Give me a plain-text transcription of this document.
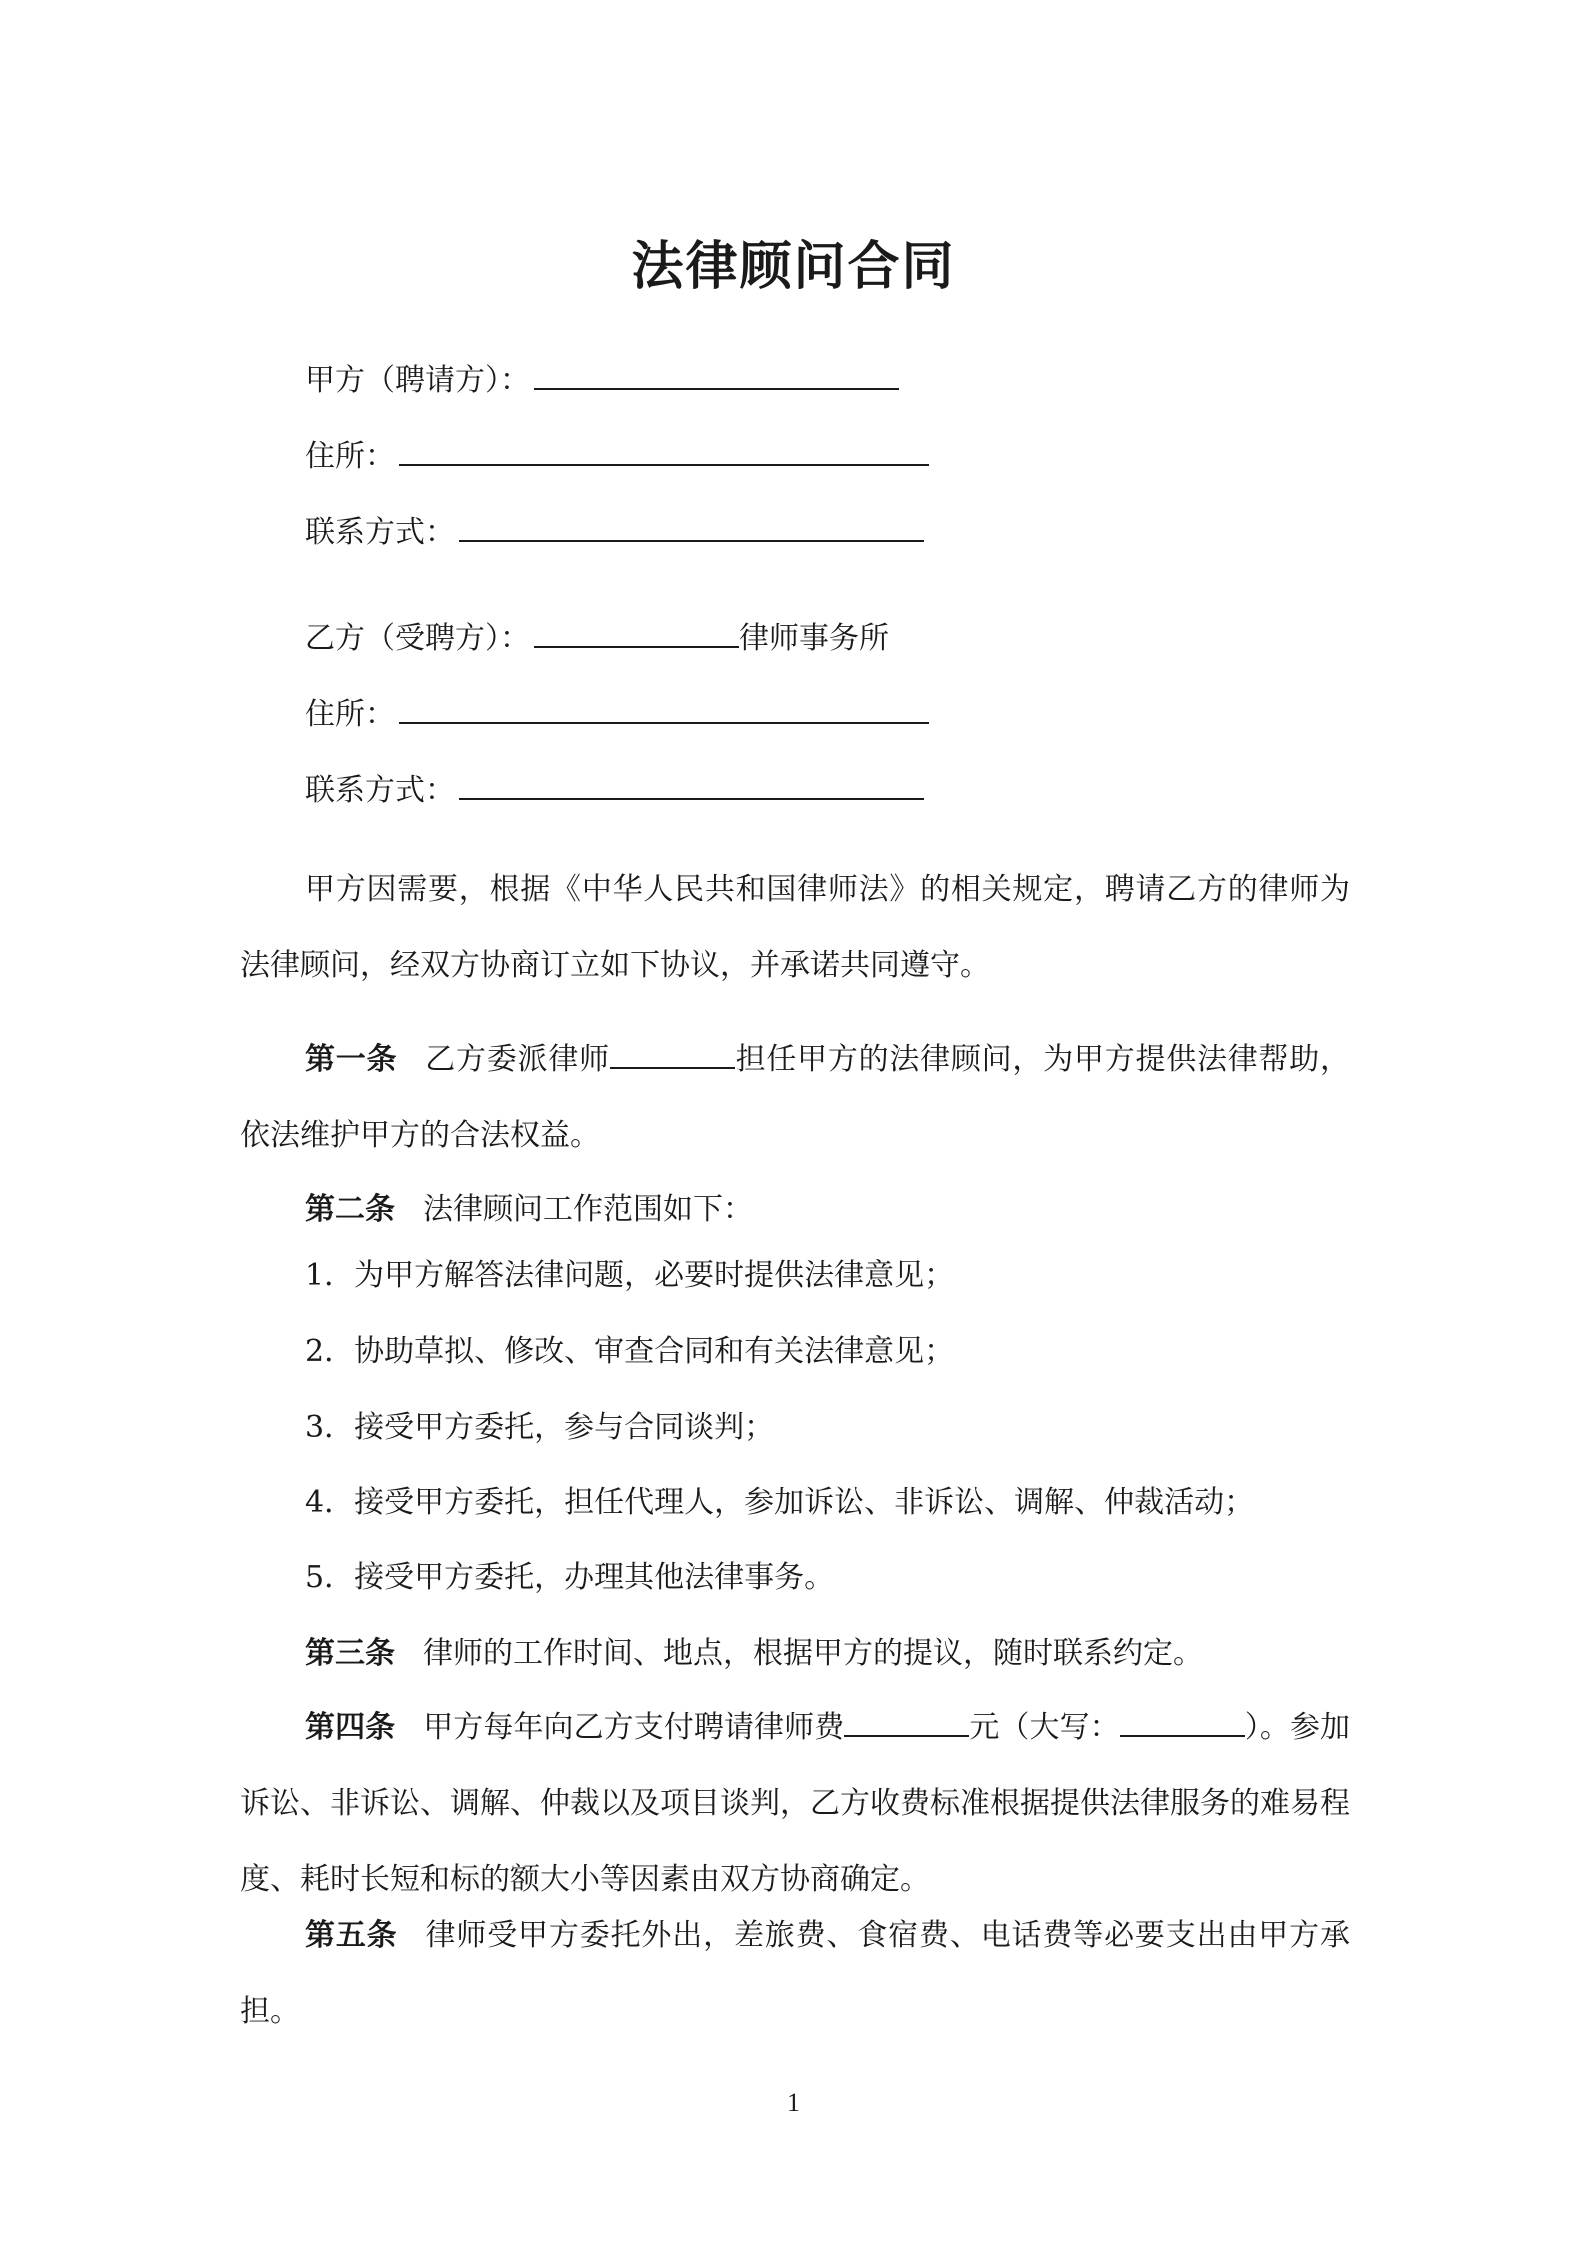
法律顾问合同
甲方（聘请方）：
住所：
联系方式：
乙方（受聘方）：	律师事务所
住所：
联系方式：
甲方因需要，根据《中华人民共和国律师法》的相关规定，聘请乙方的律师为法律顾问，经双方协商订立如下协议，并承诺共同遵守。
第一条 乙方委派律师	担任甲方的法律顾问，为甲方提供法律帮助，依法维护甲方的合法权益。
第二条 法律顾问工作范围如下：
1．为甲方解答法律问题，必要时提供法律意见；
2．协助草拟、修改、审查合同和有关法律意见；
3．接受甲方委托，参与合同谈判；
4．接受甲方委托，担任代理人，参加诉讼、非诉讼、调解、仲裁活动；
5．接受甲方委托，办理其他法律事务。
第三条 律师的工作时间、地点，根据甲方的提议，随时联系约定。
第四条 甲方每年向乙方支付聘请律师费	元（大写：	）。参加诉讼、非诉讼、调解、仲裁以及项目谈判，乙方收费标准根据提供法律服务的难易程度、耗时长短和标的额大小等因素由双方协商确定。
第五条 律师受甲方委托外出，差旅费、食宿费、电话费等必要支出由甲方承担。
1
